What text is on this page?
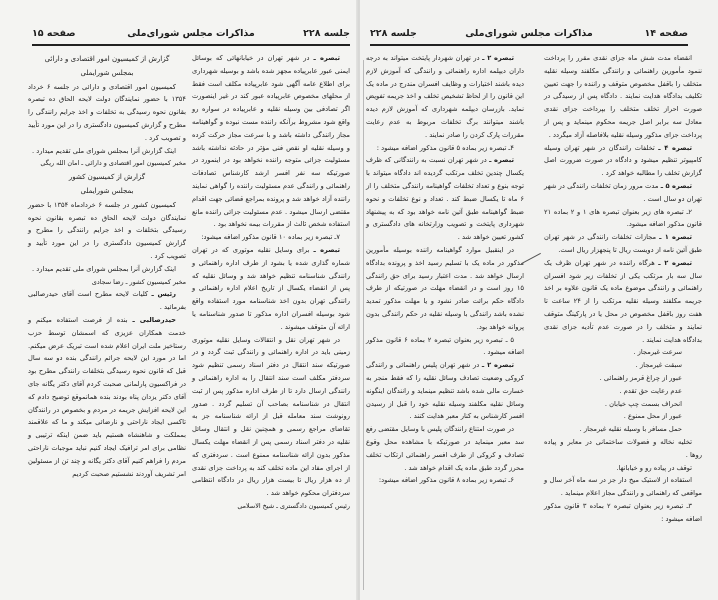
جلسه ۲۲۸
مذاکرات مجلس شورای‌ملی
صفحه ۱۵

تبصره ـ در شهر تهران در خیابانهائی که بوسائل ایمنی عبور عابرپیاده مجهز شده باشد و بوسیله شهرداری برای اطلاع عامه آگهی شود عابرپیاده مکلف است فقط از محلهای مخصوص عابرپیاده عبور کند در غیر اینصورت اگر تصادفی بین وسیله نقلیه و عابرپیاده در سواره رو واقع شود مشروط برآنکه راننده مست نبوده و گواهینامه مجاز رانندگی داشته باشد و با سرعت مجاز حرکت کرده و وسیله نقلیه او نقص فنی مؤثر در حادثه نداشته باشد مسئولیت جزائی متوجه راننده نخواهد بود در اینمورد در صورتیکه سه نفر افسر ارشد کارشناس تصادفات راهنمائی و رانندگی عدم مسئولیت راننده را گواهی نمایند راننده آزاد خواهد شد و پرونده بمراجع قضائی جهت اقدام مقتضی ارسال میشود . عدم مسئولیت جزائی راننده مانع استفاده شخص ثالث از مقررات بیمه نخواهد بود .

۷ـ تبصره زیر بماده ۱۰ قانون مذکور اضافه میشود:

تبصره ـ برای وسایل نقلیه موتوری که در تهران شماره گذاری شده یا بشود از طرف اداره راهنمائی و رانندگی شناسنامه تنظیم خواهد شد و وسائل نقلیه که پس از انقضاء یکسال از تاریخ اعلام اداره راهنمائی و رانندگی تهران بدون اخذ شناسنامه مورد استفاده واقع شود بوسیله افسران اداره مذکور تا صدور شناسنامه یا ارائه آن متوقف میشوند .

در شهر تهران نقل و انتقالات وسایل نقلیه موتوری زمینی باید در اداره راهنمائی و رانندگی ثبت گردد و در صورتیکه سند انتقال در دفتر اسناد رسمی تنظیم شود سردفتر مکلف است سند انتقال را به اداره راهنمائی و رانندگی ارسال دارد تا از طرف اداره مذکور پس از ثبت انتقال در شناسنامه بصاحب آن تسلیم گردد . صدور رونوشت سند معامله قبل از ارائه شناسنامه جز به تقاضای مراجع رسمی و همچنین نقل و انتقال وسائل نقلیه در دفتر اسناد رسمی پس از انقضاء مهلت یکسال مذکور بدون ارائه شناسنامه ممنوع است . سردفتری که از اجرای مفاد این ماده تخلف کند به پرداخت جزای نقدی از ده هزار ریال تا بیست هزار ریال در دادگاه انتظامی سردفتران محکوم خواهد شد .

رئیس کمیسیون دادگستری ـ شیخ الاسلامی

گزارش از کمیسیون امور اقتصادی و دارائی

بمجلس شورایملی

کمیسیون امور اقتصادی و دارائی در جلسه ۶ خرداد ۱۳۵۴ با حضور نمایندگان دولت لایحه الحاق ده تبصره بقانون نحوه رسیدگی به تخلفات و اخذ جرایم رانندگی را مطرح و گزارش کمیسیون دادگستری را در این مورد تأیید و تصویب کرد .

اینک گزارش آنرا بمجلس شورای ملی تقدیم میدارد .

مخبر کمیسیون امور اقتصادی و دارائی ـ امان الله ریگی

گزارش از کمیسیون کشور

بمجلس شورایملی

کمیسیون کشور در جلسه ۶ خردادماه ۱۳۵۴ با حضور نمایندگان دولت لایحه الحاق ده تبصره بقانون نحوه رسیدگی بتخلفات و اخذ جرایم رانندگی را مطرح و گزارش کمیسیون دادگستری را در این مورد تأیید و تصویب کرد .

اینک گزارش آنرا بمجلس شورای ملی تقدیم میدارد .

مخبر کمیسیون کشور ـ رضا سجادی

رئیس ـ کلیات لایحه مطرح است آقای حیدرصالبی بفرمائید .

حیدرصالبی ـ بنده از فرصت استفاده میکنم و خدمت همکاران عزیزی که اسمشان توسط حزب رستاخیز ملت ایران اعلام شده است تبریک عرض میکنم. اما در مورد این لایحه جرائم رانندگی بنده دو سه سال قبل که قانون نحوه رسیدگی بتخلفات رانندگی مطرح بود در فراکسیون پارلمانی صحبت کردم آقای دکتر یگانه جای آقای دکتر یزدان پناه بودند بنده همانموقع توضیح دادم که این لایحه افزایش جریمه در مردم و بخصوص در رانندگان تاکسی ایجاد ناراحتی و نارضائی میکند و ما که علاقمند بمملکت و شاهنشاه هستیم باید ضمن اینکه ترتیبی و نظامی برای امر ترافیک ایجاد کنیم نباید موجبات ناراحتی مردم را فراهم کنیم آقای دکتر یگانه و چند تن از مسئولین امر تشریف آوردند نشستیم صحبت کردیم

صفحه ۱۴
مذاکرات مجلس شورای‌ملی
جلسه ۲۲۸

انقضاء مدت شش ماه جزای نقدی مقرر را پرداخت ننمود مأمورین راهنمائی و رانندگی مکلفند وسیله نقلیه متخلف را باقفل مخصوص متوقف و راننده را جهت تعیین تکلیف بدادگاه هدایت نمایند . دادگاه پس از رسیدگی در صورت احراز تخلف متخلف را بپرداخت جزای نقدی معادل سه برابر اصل جریمه محکوم مینماید و پس از پرداخت جزای مذکور وسیله نقلیه بلافاصله آزاد میگردد .

تبصره ۴ ـ تخلفات رانندگان در شهر تهران وسیله کامپیوتر تنظیم میشود و دادگاه در صورت ضرورت اصل گزارش تخلف را مطالبه خواهد کرد .

تبصره ۵ ـ مدت مرور زمان تخلفات رانندگی در شهر تهران دو سال است .

۲ـ تبصره های زیر بعنوان تبصره های ۱ و ۲ بماده ۲۱ قانون مذکور اضافه میشود.

تبصره ۱ ـ مجازات تخلفات رانندگی در شهر تهران طبق آئین نامه از دویست ریال تا پنجهزار ریال است.

تبصره ۲ ـ هرگاه راننده در شهر تهران ظرف یک سال سه بار مرتکب یکی از تخلفات زیر شود افسران راهنمائی و رانندگی موضوع ماده یک قانون علاوه بر اخذ جریمه مکلفند وسیله نقلیه مرتکب را از ۲۴ ساعت تا هفت روز باقفل مخصوص در محل یا در پارکینگ متوقف نمایند و متخلف را در صورت عدم تأدیه جزای نقدی بدادگاه هدایت نمایند .

سرعت غیرمجاز .

سبقت غیرمجاز .

عبور از چراغ قرمز راهنمائی .

عدم رعایت حق تقدم .

انحراف بسمت چپ خیابان .

عبور از محل ممنوع .

حمل مسافر با وسیله نقلیه غیرمجاز .

تخلیه نخاله و فضولات ساختمانی در معابر و پیاده روها .

توقف در پیاده رو و خیابانها.

استفاده از لاستیک میخ دار جز در سه ماه آخر سال و مواقعی که راهنمائی و رانندگی مجاز اعلام مینماید .

۳ـ تبصره زیر بعنوان تبصره ۲ بماده ۳ قانون مذکور اضافه میشود :

تبصره ۲ ـ در تهران شهردار پایتخت میتواند به درجه داران دیپلمه اداره راهنمائی و رانندگی که آموزش لازم دیده باشند اختیارات و وظایف افسران مندرج در ماده یک این قانون را از لحاظ تشخیص تخلف و اخذ جریمه تفویض نماید. بازرسان دیپلمه شهرداری که آموزش لازم دیده باشند میتوانند برگ تخلفات مربوط به عدم رعایت مقررات پارک کردن را صادر نمایند .

۴ـ تبصره زیر بماده ۵ قانون مذکور اضافه میشود :

تبصره ـ در شهر تهران نسبت به رانندگانی که ظرف یکسال چندین تخلف مرتکب گردیده اند دادگاه میتواند با توجه بنوع و تعداد تخلفات گواهینامه رانندگی متخلف را از ۶ ماه تا یکسال ضبط کند . تعداد و نوع تخلفات و نحوه ضبط گواهینامه طبق آئین نامه خواهد بود که به پیشنهاد شهرداری پایتخت و تصویب وزارتخانه های دادگستری و کشور تعیین خواهد شد .

در اینقبیل موارد گواهینامه راننده بوسیله مأمورین مذکور در ماده یک با تسلیم رسید اخذ و پرونده بدادگاه ارسال خواهد شد . مدت اعتبار رسید برای حق رانندگی ۱۵ روز است و در انقضاء مهلت در صورتیکه از طرف دادگاه حکم برائت صادر نشود و یا مهلت مذکور تمدید نشده باشد رانندگی با وسیله نقلیه در حکم رانندگی بدون پروانه خواهد بود.

۵ ـ تبصره زیر بعنوان تبصره ۲ بماده ۶ قانون مذکور اضافه میشود .

تبصره ۲ ـ در شهر تهران پلیس راهنمائی و رانندگی کروکی وضعیت تصادف وسائل نقلیه را که فقط منجر به خسارت مالی شده باشد تنظیم مینماید و رانندگان اینگونه وسائل نقلیه مکلفند وسیله نقلیه خود را قبل از رسیدن افسر کارشناس به کنار معبر هدایت کنند .

در صورت امتناع رانندگان پلیس با وسایل مقتضی رفع سد معبر مینماید در صورتیکه با مشاهده محل وقوع تصادف و کروکی از طرف افسر راهنمائی ارتکاب تخلف محرز گردد طبق ماده یک اقدام خواهد شد .

۶ـ تبصره زیر بماده ۸ قانون مذکور اضافه میشود:
